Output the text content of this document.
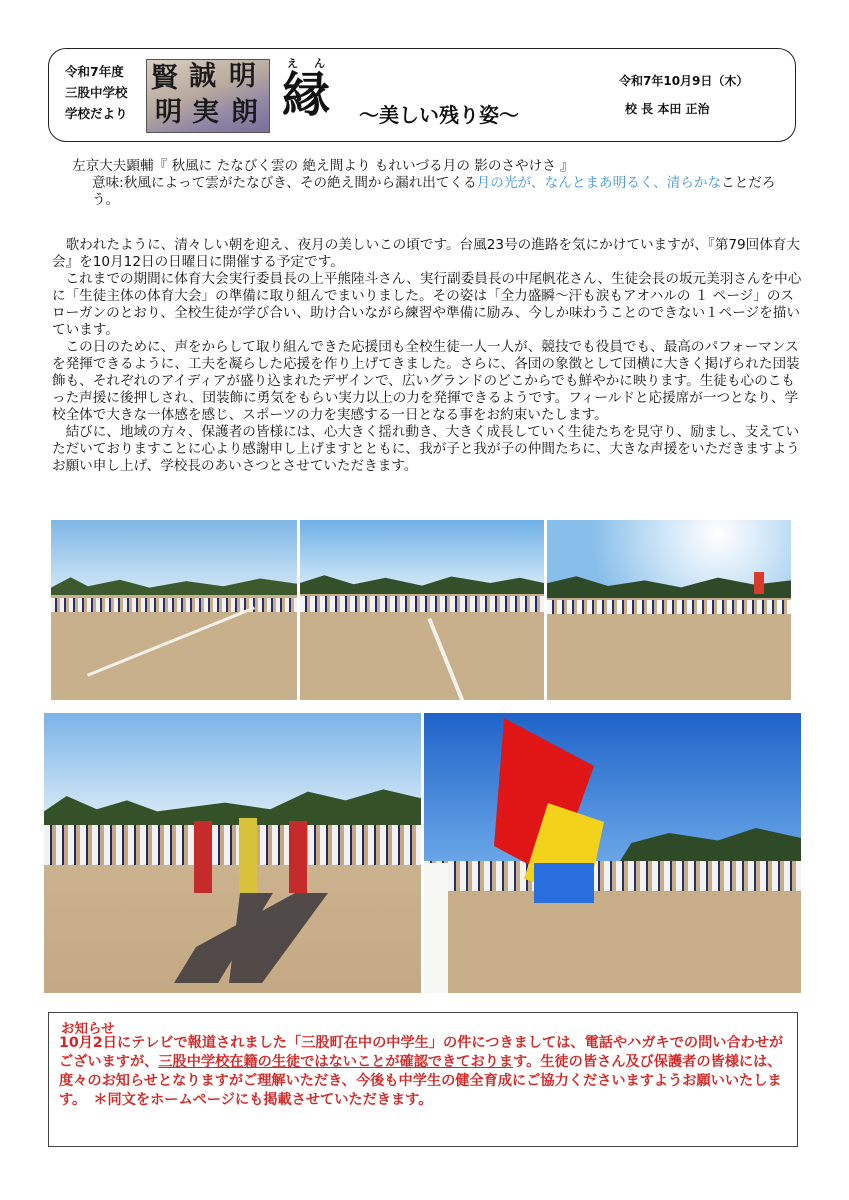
令和7年度
三股中学校
学校だより
賢 誠 明
明 実 朗
えん
縁 ～美しい残り姿～
令和7年10月9日（木）
校 長 本田 正治
左京大夫顕輔『 秋風に たなびく雲の 絶え間より もれいづる月の 影のさやけさ 』
意味:秋風によって雲がたなびき、その絶え間から漏れ出てくる月の光が、なんとまあ明るく、清らかなことだろう。

歌われたように、清々しい朝を迎え、夜月の美しいこの頃です。台風23号の進路を気にかけていますが、『第79回体育大会』を10月12日の日曜日に開催する予定です。

これまでの期間に体育大会実行委員長の上平熊陸斗さん、実行副委員長の中尾帆花さん、生徒会長の坂元美羽さんを中心に「生徒主体の体育大会」の準備に取り組んでまいりました。その姿は「全力盛瞬～汗も涙もアオハルの １ ページ」のスローガンのとおり、全校生徒が学び合い、助け合いながら練習や準備に励み、今しか味わうことのできない１ページを描いています。

この日のために、声をからして取り組んできた応援団も全校生徒一人一人が、競技でも役員でも、最高のパフォーマンスを発揮できるように、工夫を凝らした応援を作り上げてきました。さらに、各団の象徴として団横に大きく掲げられた団装飾も、それぞれのアイディアが盛り込まれたデザインで、広いグランドのどこからでも鮮やかに映ります。生徒も心のこもった声援に後押しされ、団装飾に勇気をもらい実力以上の力を発揮できるようです。フィールドと応援席が一つとなり、学校全体で大きな一体感を感じ、スポーツの力を実感する一日となる事をお約束いたします。

結びに、地域の方々、保護者の皆様には、心大きく揺れ動き、大きく成長していく生徒たちを見守り、励まし、支えていただいておりますことに心より感謝申し上げますとともに、我が子と我が子の仲間たちに、大きな声援をいただきますようお願い申し上げ、学校長のあいさつとさせていただきます。

お知らせ
10月2日にテレビで報道されました「三股町在中の中学生」の件につきましては、電話やハガキでの問い合わせがございますが、三股中学校在籍の生徒ではないことが確認できております。生徒の皆さん及び保護者の皆様には、度々のお知らせとなりますがご理解いただき、今後も中学生の健全育成にご協力くださいますようお願いいたします。　＊同文をホームページにも掲載させていただきます。
